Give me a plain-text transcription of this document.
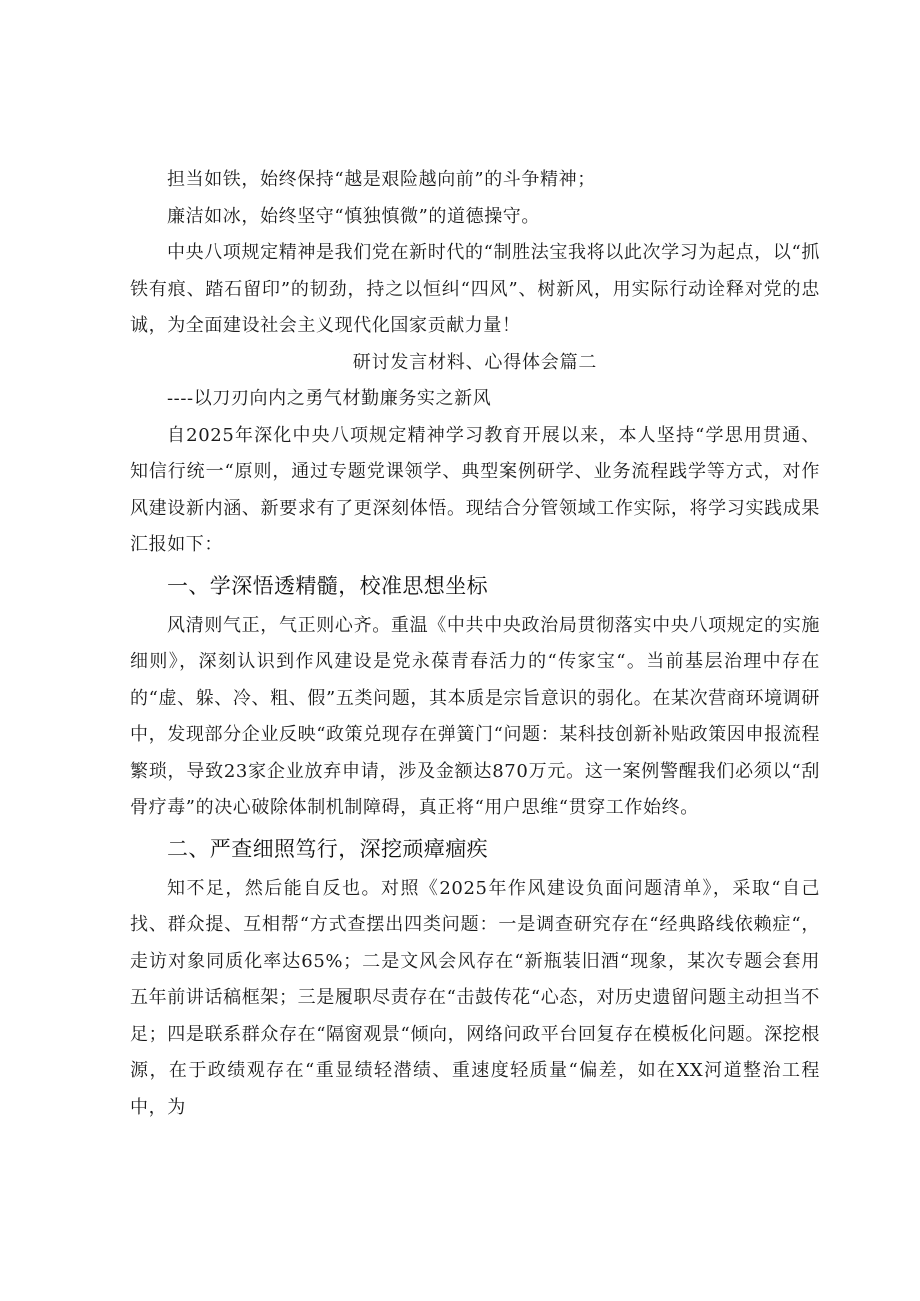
担当如铁，始终保持“越是艰险越向前”的斗争精神；

廉洁如冰，始终坚守“慎独慎微”的道德操守。

中央八项规定精神是我们党在新时代的“制胜法宝我将以此次学习为起点，以“抓铁有痕、踏石留印”的韧劲，持之以恒纠“四风”、树新风，用实际行动诠释对党的忠诚，为全面建设社会主义现代化国家贡献力量！

研讨发言材料、心得体会篇二

----以刀刃向内之勇气材勤廉务实之新风

自2025年深化中央八项规定精神学习教育开展以来，本人坚持“学思用贯通、知信行统一“原则，通过专题党课领学、典型案例研学、业务流程践学等方式，对作风建设新内涵、新要求有了更深刻体悟。现结合分管领域工作实际，将学习实践成果汇报如下：

一、学深悟透精髓，校准思想坐标

风清则气正，气正则心齐。重温《中共中央政治局贯彻落实中央八项规定的实施细则》，深刻认识到作风建设是党永葆青春活力的“传家宝“。当前基层治理中存在的“虚、躲、冷、粗、假”五类问题，其本质是宗旨意识的弱化。在某次营商环境调研中，发现部分企业反映“政策兑现存在弹簧门“问题：某科技创新补贴政策因申报流程繁琐，导致23家企业放弃申请，涉及金额达870万元。这一案例警醒我们必须以“刮骨疗毒”的决心破除体制机制障碍，真正将“用户思维“贯穿工作始终。

二、严查细照笃行，深挖顽瘴痼疾

知不足，然后能自反也。对照《2025年作风建设负面问题清单》，采取“自己找、群众提、互相帮“方式查摆出四类问题：一是调查研究存在“经典路线依赖症“，走访对象同质化率达65%；二是文风会风存在“新瓶装旧酒“现象，某次专题会套用五年前讲话稿框架；三是履职尽责存在“击鼓传花“心态，对历史遗留问题主动担当不足；四是联系群众存在“隔窗观景“倾向，网络问政平台回复存在模板化问题。深挖根源，在于政绩观存在“重显绩轻潜绩、重速度轻质量“偏差，如在XX河道整治工程中，为
